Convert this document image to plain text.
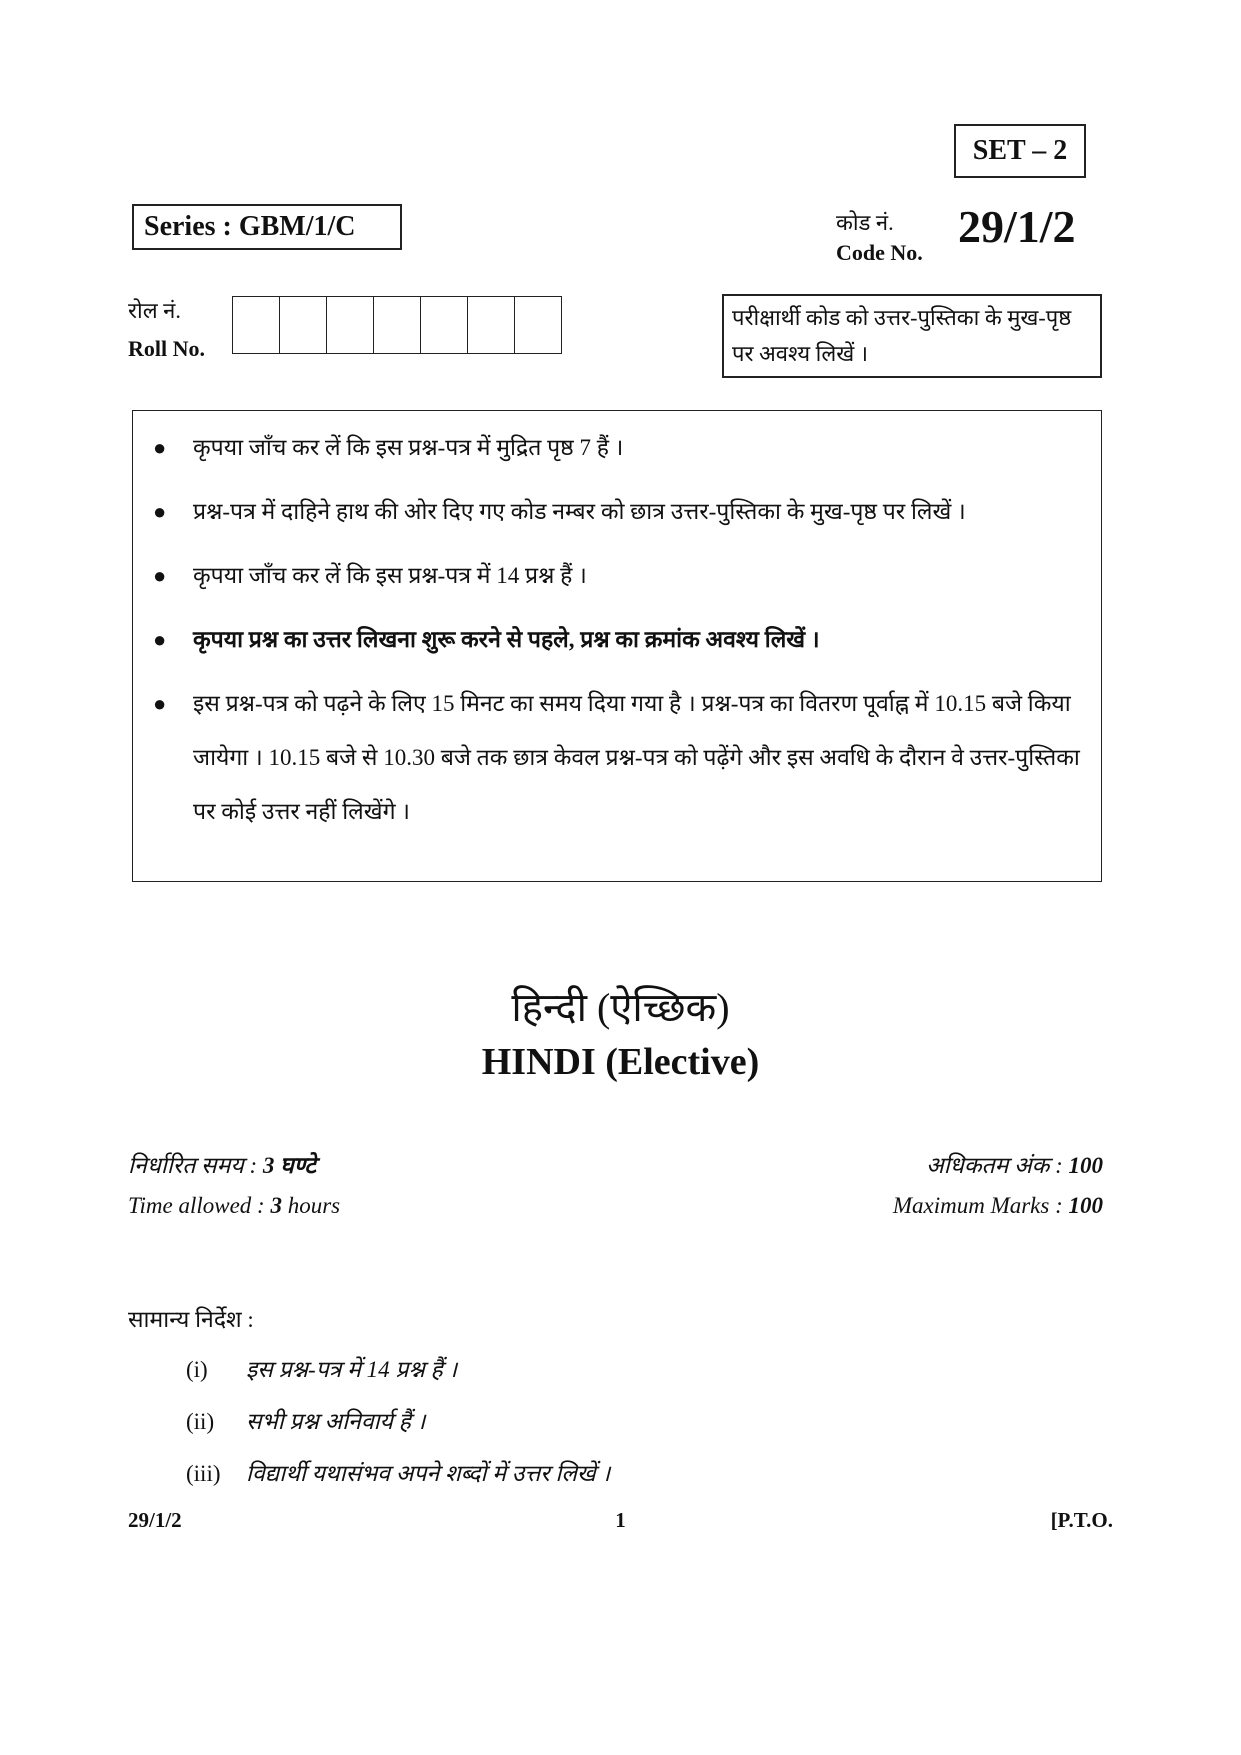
SET – 2
Series : GBM/1/C	कोड नं.
Code No.
29/1/2
रोल नं.
Roll No.
परीक्षार्थी कोड को उत्तर-पुस्तिका के मुख-पृष्ठ पर अवश्य लिखें ।
● कृपया जाँच कर लें कि इस प्रश्न-पत्र में मुद्रित पृष्ठ 7 हैं ।
● प्रश्न-पत्र में दाहिने हाथ की ओर दिए गए कोड नम्बर को छात्र उत्तर-पुस्तिका के मुख-पृष्ठ पर लिखें ।
● कृपया जाँच कर लें कि इस प्रश्न-पत्र में 14 प्रश्न हैं ।
● कृपया प्रश्न का उत्तर लिखना शुरू करने से पहले, प्रश्न का क्रमांक अवश्य लिखें ।
● इस प्रश्न-पत्र को पढ़ने के लिए 15 मिनट का समय दिया गया है । प्रश्न-पत्र का वितरण पूर्वाह्न में 10.15 बजे किया जायेगा । 10.15 बजे से 10.30 बजे तक छात्र केवल प्रश्न-पत्र को पढ़ेंगे और इस अवधि के दौरान वे उत्तर-पुस्तिका पर कोई उत्तर नहीं लिखेंगे ।
हिन्दी (ऐच्छिक)
HINDI (Elective)
निर्धारित समय : 3 घण्टे
Time allowed : 3 hours
अधिकतम अंक : 100
Maximum Marks : 100
सामान्य निर्देश :
(i)	इस प्रश्न-पत्र में 14 प्रश्न हैं ।
(ii)	सभी प्रश्न अनिवार्य हैं ।
(iii)	विद्यार्थी यथासंभव अपने शब्दों में उत्तर लिखें ।
29/1/2	1	[P.T.O.
